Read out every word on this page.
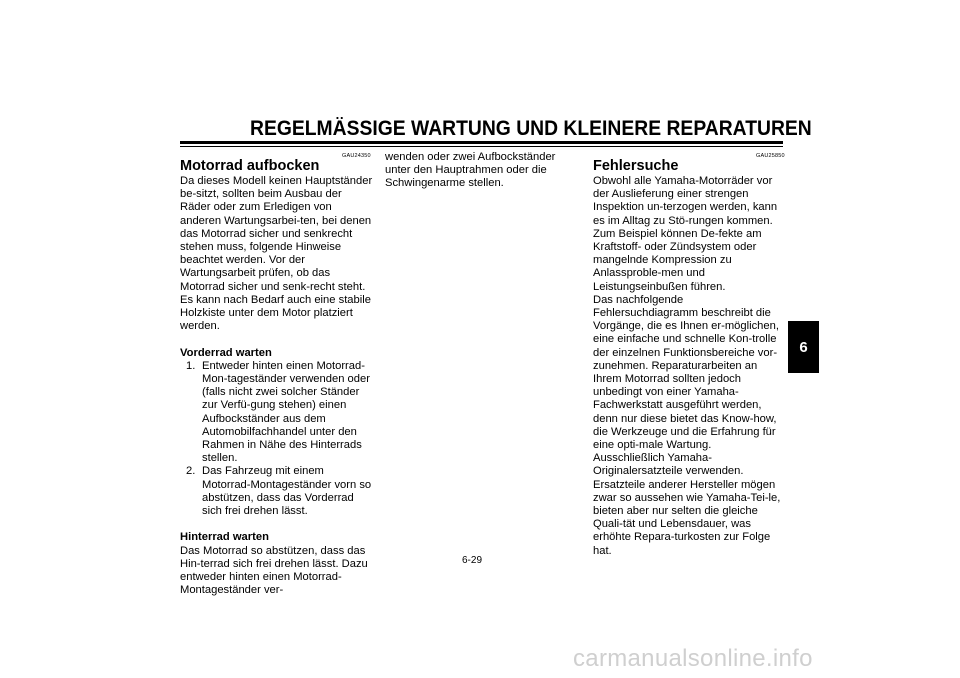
REGELMÄSSIGE WARTUNG UND KLEINERE REPARATUREN
GAU24350

Motorrad aufbocken

Da dieses Modell keinen Hauptständer be-sitzt, sollten beim Ausbau der Räder oder zum Erledigen von anderen Wartungsarbei-ten, bei denen das Motorrad sicher und senkrecht stehen muss, folgende Hinweise beachtet werden. Vor der Wartungsarbeit prüfen, ob das Motorrad sicher und senk-recht steht. Es kann nach Bedarf auch eine stabile Holzkiste unter dem Motor platziert werden.

Vorderrad warten

1. Entweder hinten einen Motorrad-Mon-tageständer verwenden oder (falls nicht zwei solcher Ständer zur Verfü-gung stehen) einen Aufbockständer aus dem Automobilfachhandel unter den Rahmen in Nähe des Hinterrads stellen.
2. Das Fahrzeug mit einem Motorrad-Montageständer vorn so abstützen, dass das Vorderrad sich frei drehen lässt.

Hinterrad warten

Das Motorrad so abstützen, dass das Hin-terrad sich frei drehen lässt. Dazu entweder hinten einen Motorrad-Montageständer ver-

wenden oder zwei Aufbockständer unter den Hauptrahmen oder die Schwingenarme stellen.

GAU25850

Fehlersuche

Obwohl alle Yamaha-Motorräder vor der Auslieferung einer strengen Inspektion un-terzogen werden, kann es im Alltag zu Stö-rungen kommen. Zum Beispiel können De-fekte am Kraftstoff- oder Zündsystem oder mangelnde Kompression zu Anlassproble-men und Leistungseinbußen führen.

Das nachfolgende Fehlersuchdiagramm beschreibt die Vorgänge, die es Ihnen er-möglichen, eine einfache und schnelle Kon-trolle der einzelnen Funktionsbereiche vor-zunehmen. Reparaturarbeiten an Ihrem Motorrad sollten jedoch unbedingt von einer Yamaha-Fachwerkstatt ausgeführt werden, denn nur diese bietet das Know-how, die Werkzeuge und die Erfahrung für eine opti-male Wartung.

Ausschließlich Yamaha-Originalersatzteile verwenden. Ersatzteile anderer Hersteller mögen zwar so aussehen wie Yamaha-Tei-le, bieten aber nur selten die gleiche Quali-tät und Lebensdauer, was erhöhte Repara-turkosten zur Folge hat.

6
6-29
carmanualsonline.info
